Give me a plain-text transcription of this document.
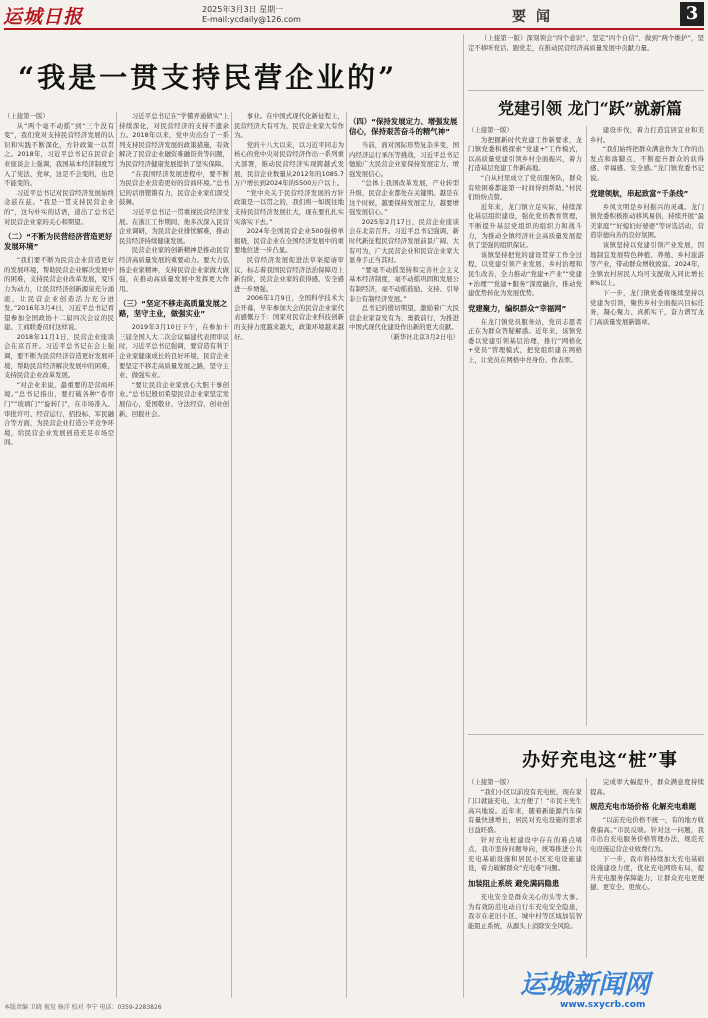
运城日报	2025年3月3日 星期一
E-mail:ycdaily@126.com	要闻	3
“我是一贯支持民营企业的”

（上接第一版）

从“两个毫不动摇”到“三个没有变”，我们党对支持民营经济发展的认识和实践不断深化，方针政策一以贯之。2018年，习近平总书记在民营企业座谈会上强调，我国基本经济制度写入了宪法、党章，这是不会变的，也是不能变的。

习近平总书记对民营经济发展始终念兹在兹。“我是一贯支持民营企业的”，这句朴实的话语，道出了总书记对民营企业家的关心和期望。

（二）“不断为民营经济营造更好发展环境”

“我们要不断为民营企业营造更好的发展环境，帮助民营企业解决发展中的困难，支持民营企业改革发展，变压力为动力，让民营经济创新源泉充分涌流，让民营企业创造活力充分迸发。”2016年3月4日，习近平总书记看望参加全国政协十二届四次会议的民建、工商联委员时这样说。

2018年11月1日，民营企业座谈会在京召开。习近平总书记在会上强调，要不断为民营经济营造更好发展环境，帮助民营经济解决发展中的困难，支持民营企业改革发展。

“对企业来说，最重要的是营商环境。”总书记指出，要打破各种“卷帘门”“玻璃门”“旋转门”，在市场准入、审批许可、经营运行、招投标、军民融合等方面，为民营企业打造公平竞争环境，给民营企业发展创造充足市场空间。

习近平总书记在“学懂弄通做实”上持续深化，对民营经济的支持不遗余力。2018年以来，党中央出台了一系列支持民营经济发展的政策措施，有效解决了民营企业融资难融资贵等问题，为民营经济健康发展提供了坚实保障。

“在我国经济发展进程中，要不断为民营企业营造更好的营商环境。”总书记的话语铿锵有力，民营企业家们深受鼓舞。

习近平总书记一贯重视民营经济发展。在浙江工作期间，他多次深入民营企业调研，为民营企业排忧解难，推动民营经济持续健康发展。

民营企业家的创新精神是推动民营经济高质量发展的重要动力。要大力弘扬企业家精神，支持民营企业家做大做强，在推动高质量发展中发挥更大作用。

（三）“坚定不移走高质量发展之路，坚守主业，做强实业”

2019年3月10日下午，在参加十三届全国人大二次会议福建代表团审议时，习近平总书记强调，要营造有利于企业家健康成长的良好环境，民营企业要坚定不移走高质量发展之路，坚守主业、做强实业。

“要让民营企业家放心大胆干事创业。”总书记殷切希望民营企业家坚定发展信心，爱国敬业、守法经营、创业创新、回报社会。

事业。在中国式现代化新征程上，民营经济大有可为，民营企业家大有作为。

党的十八大以来，以习近平同志为核心的党中央对民营经济作出一系列重大部署，推动民营经济实现跨越式发展，民营企业数量从2012年的1085.7万户增长到2024年的5500万户以上。

“党中央关于民营经济发展的方针政策是一以贯之的，我们将一如既往地支持民营经济发展壮大，现在要扎扎实实落实下去。”

2024年全国民营企业500强榜单揭晓，民营企业在全国经济发展中的重要地位进一步凸显。

民营经济发展促进法草案提请审议，标志着我国民营经济法治保障迈上新台阶，民营企业家的获得感、安全感进一步增强。

2006年1月9日，全国科学技术大会开幕，早年参加大会的民营企业家代表感慨万千：国家对民营企业科技创新的支持力度越来越大，政策环境越来越好。

（四）“保持发展定力、增强发展信心，保持艰苦奋斗的精气神”

当前，面对国际形势复杂多变，国内经济运行承压等挑战，习近平总书记勉励广大民营企业家保持发展定力、增强发展信心。

“总体上我国改革发展，产业转型升级、民营企业都处在关键期。越是在这个时候，越要保持发展定力，越要增强发展信心。”

2025年2月17日，民营企业座谈会在北京召开。习近平总书记强调，新时代新征程民营经济发展前景广阔、大有可为，广大民营企业和民营企业家大显身手正当其时。

“要毫不动摇坚持和完善社会主义基本经济制度，毫不动摇巩固和发展公有制经济，毫不动摇鼓励、支持、引导非公有制经济发展。”

总书记的殷切期望，激励着广大民营企业家奋发有为、勇毅前行，为推进中国式现代化建设作出新的更大贡献。

（新华社北京3月2日电）

（上接第一版）深刻领会“四个意识”、坚定“四个自信”、做到“两个维护”，坚定不移听党话、跟党走，在推动民营经济高质量发展中贡献力量。

党建引领 龙门“跃”就新篇

（上接第一版）

为把握新时代党建工作新要求，龙门镇党委积极探索“党建+”工作模式，以高质量党建引领乡村全面振兴，着力打造基层党建工作新高地。

“自从村里成立了党员服务队，群众有啥困难都能第一时间得到帮助。”村民们纷纷点赞。

近年来，龙门镇立足实际，持续深化基层组织建设，强化党员教育管理，不断提升基层党组织的组织力和战斗力，为推动全镇经济社会高质量发展提供了坚强的组织保证。

该镇坚持把党的建设贯穿工作全过程，以党建引领产业发展、乡村治理和民生改善，全力推动“党建+产业”“党建+治理”“党建+服务”深度融合，推动党建优势转化为发展优势。

党建聚力，编织群众“幸福网”

在龙门镇党员服务站，党员志愿者正在为群众答疑解惑。近年来，该镇党委以党建引领基层治理，推行“网格化+党员”管理模式，把党组织建在网格上，让党员在网格中亮身份、作表率。

建设步伐，着力打造宜居宜业和美乡村。

“我们始终把群众满意作为工作的出发点和落脚点，不断提升群众的获得感、幸福感、安全感。”龙门镇党委书记说。

党建领航，串起致富“千条线”

乡风文明是乡村振兴的灵魂。龙门镇党委积极推动移风易俗，持续开展“最美家庭”“好媳妇好婆婆”等评选活动，营造崇德向善的良好氛围。

该镇坚持以党建引领产业发展，因地制宜发展特色种植、养殖、乡村旅游等产业，带动群众增收致富。2024年，全镇农村居民人均可支配收入同比增长8%以上。

下一步，龙门镇党委将继续坚持以党建为引领，聚焦乡村全面振兴目标任务，凝心聚力、真抓实干，奋力谱写龙门高质量发展新篇章。

办好充电这“桩”事

（上接第一版）

“我们小区以前没有充电桩，现在家门口就能充电，太方便了！”市民王先生高兴地说。近年来，随着新能源汽车保有量快速增长，居民对充电设施的需求日益旺盛。

针对充电桩建设中存在的难点堵点，我市坚持问题导向，统筹推进公共充电基础设施和居民小区充电设施建设，着力破解群众“充电难”问题。

加装阻止系统 避免满码隐患

充电安全是群众关心的头等大事。为有效防范电动自行车充电安全隐患，我市在老旧小区、城中村等区域加装智能阻止系统，从源头上消除安全风险。

完成率大幅提升，群众满意度持续提高。

规范充电市场价格 化解充电难题

“以前充电价格不统一，有的地方收费偏高。”市民反映。针对这一问题，我市出台充电服务价格管理办法，规范充电设施运营企业收费行为。

下一步，我市将持续加大充电基础设施建设力度，优化充电网络布局，提升充电服务保障能力，让群众充电更便捷、更安全、更放心。

本版责编 卫晓 视觉 杨洋 校对 李宁 电话：0359-2283826
运城新闻网
www.sxycrb.com
